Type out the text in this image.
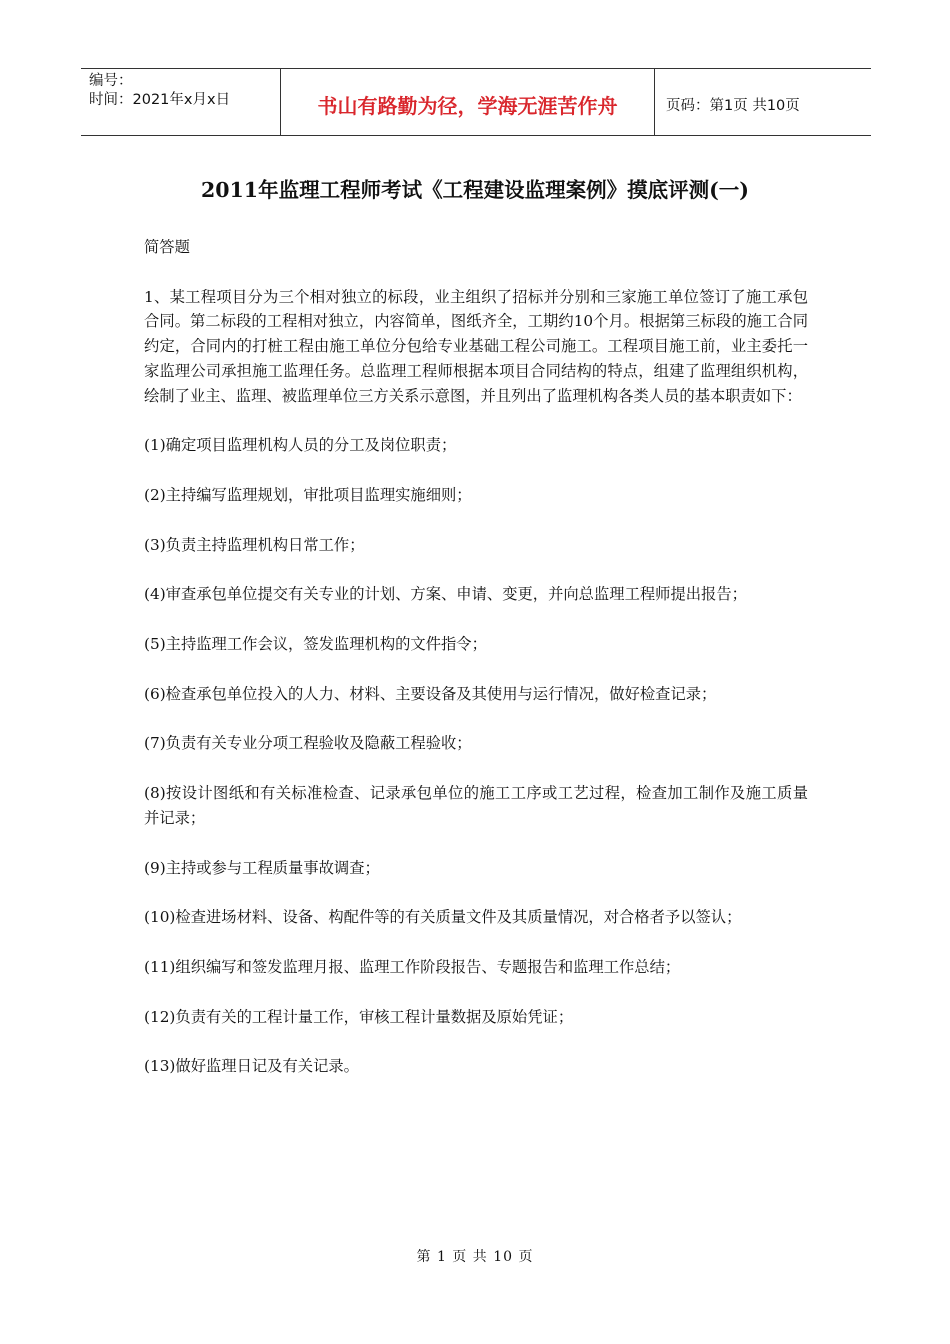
编号：
时间：2021年x月x日	书山有路勤为径，学海无涯苦作舟	页码：第1页 共10页
2011年监理工程师考试《工程建设监理案例》摸底评测(一)

简答题

1、某工程项目分为三个相对独立的标段，业主组织了招标并分别和三家施工单位签订了施工承包合同。第二标段的工程相对独立，内容简单，图纸齐全，工期约10个月。根据第三标段的施工合同约定，合同内的打桩工程由施工单位分包给专业基础工程公司施工。工程项目施工前，业主委托一家监理公司承担施工监理任务。总监理工程师根据本项目合同结构的特点，组建了监理组织机构，绘制了业主、监理、被监理单位三方关系示意图，并且列出了监理机构各类人员的基本职责如下：

(1)确定项目监理机构人员的分工及岗位职责；

(2)主持编写监理规划，审批项目监理实施细则；

(3)负责主持监理机构日常工作；

(4)审查承包单位提交有关专业的计划、方案、申请、变更，并向总监理工程师提出报告；

(5)主持监理工作会议，签发监理机构的文件指令；

(6)检查承包单位投入的人力、材料、主要设备及其使用与运行情况，做好检查记录；

(7)负责有关专业分项工程验收及隐蔽工程验收；

(8)按设计图纸和有关标准检查、记录承包单位的施工工序或工艺过程，检查加工制作及施工质量并记录；

(9)主持或参与工程质量事故调查；

(10)检查进场材料、设备、构配件等的有关质量文件及其质量情况，对合格者予以签认；

(11)组织编写和签发监理月报、监理工作阶段报告、专题报告和监理工作总结；

(12)负责有关的工程计量工作，审核工程计量数据及原始凭证；

(13)做好监理日记及有关记录。

第 1 页 共 10 页
